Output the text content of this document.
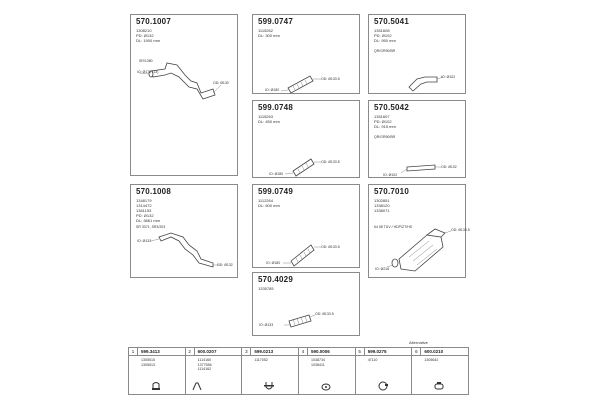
570.1007
1308210
PD: Ø132
DL: 1900 mm
SR/1380
IO: Ø170 (13)
OD: Ø130
599.0747
1115262
DL: 300 mm
IO: Ø180
OD: Ø133.5
570.5041
1351608
PD: Ø102
DL: 950 mm
QR/GR90/BR
IO: Ø102
599.0748
1115263
DL: 450 mm
IO: Ø180
OD: Ø133.5
570.5042
1351607
PD: Ø102
DL: 915 mm
QR/GR90/BR
IO: Ø102
OD: Ø102
570.1008
1348179
1314472
1361153
PD: Ø132
DL: 3861 mm
SR 3371, SR3/203
IO: Ø133
OD: Ø132
599.0749
1112264
DL: 600 mm
IO: Ø180
OD: Ø133.5
570.7010
1302851
1338120
1338071
64 08 TUV / HDP/ZT/HS
OD: Ø133.5
IO: Ø216
570.4029
1335785
OD: Ø133.5
IO: Ø133
Alternative
1	599.3413
1305515
1305513
2	600.0207
1114160
1377556
1114162
3	599.0213
1117052
4	590.0006
1038734
1038411
5	599.0275
47110
6	600.0210
1305642
